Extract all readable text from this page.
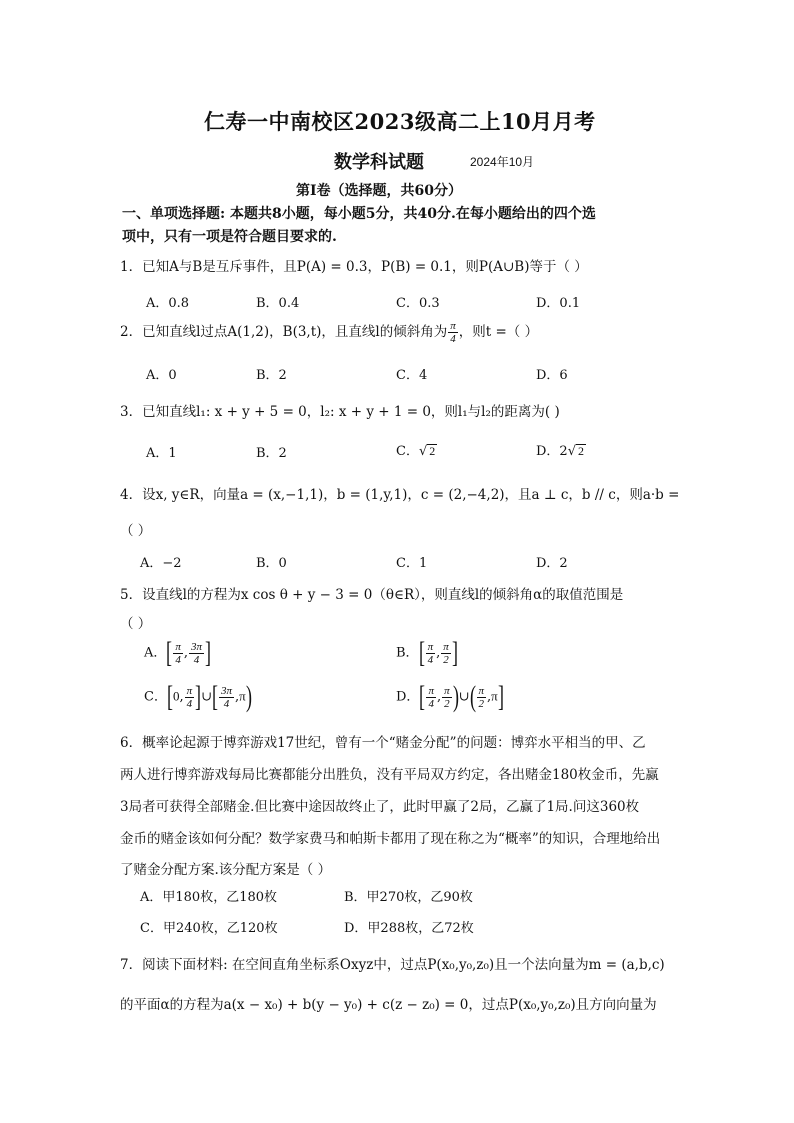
仁寿一中南校区2023级高二上10月月考
数学科试题	2024年10月
第Ⅰ卷（选择题，共60分）
一、单项选择题: 本题共8小题，每小题5分，共40分.在每小题给出的四个选
项中，只有一项是符合题目要求的.
1．已知A与B是互斥事件，且P(A) = 0.3，P(B) = 0.1，则P(A∪B)等于（ ）
A．0.8	B．0.4	C．0.3	D．0.1
2．已知直线l过点A(1,2)，B(3,t)，且直线l的倾斜角为 $\frac{\pi}{4}$ ，则t =（ ）
A．0	B．2	C．4	D．6
3．已知直线l₁: x + y + 5 = 0，l₂: x + y + 1 = 0，则l₁与l₂的距离为( )
A．1	B．2	C．√ 2	D．2√ 2
4．设x, y∈R，向量a = (x,−1,1)，b = (1,y,1)，c = (2,−4,2)，且a ⊥ c，b // c，则a·b =
（ ）
A．−2	B．0	C．1	D．2
5．设直线l的方程为x cos θ + y − 3 = 0（θ∈R），则直线l的倾斜角α的取值范围是
（ ）
A．[ $\frac{\pi}{4}$ , $\frac{3\pi}{4}$ ]	B．[ $\frac{\pi}{4}$ , $\frac{\pi}{2}$ ]
C．[0, $\frac{\pi}{4}$ ]∪[ $\frac{3\pi}{4} ,\pi$)	D．[ $\frac{\pi}{4}$ , $\frac{\pi}{2}$ )∪( $\frac{\pi}{2} ,\pi$]
6．概率论起源于博弈游戏17世纪，曾有一个“赌金分配”的问题：博弈水平相当的甲、乙
两人进行博弈游戏每局比赛都能分出胜负，没有平局双方约定，各出赌金180枚金币，先赢
3局者可获得全部赌金.但比赛中途因故终止了，此时甲赢了2局，乙赢了1局.问这360枚
金币的赌金该如何分配？数学家费马和帕斯卡都用了现在称之为“概率”的知识，合理地给出
了赌金分配方案.该分配方案是（ ）
A．甲180枚，乙180枚	B．甲270枚，乙90枚
C．甲240枚，乙120枚	D．甲288枚，乙72枚
7．阅读下面材料: 在空间直角坐标系Oxyz中，过点P(x₀,y₀,z₀)且一个法向量为m = (a,b,c)
的平面α的方程为a(x − x₀) + b(y − y₀) + c(z − z₀) = 0，过点P(x₀,y₀,z₀)且方向向量为
